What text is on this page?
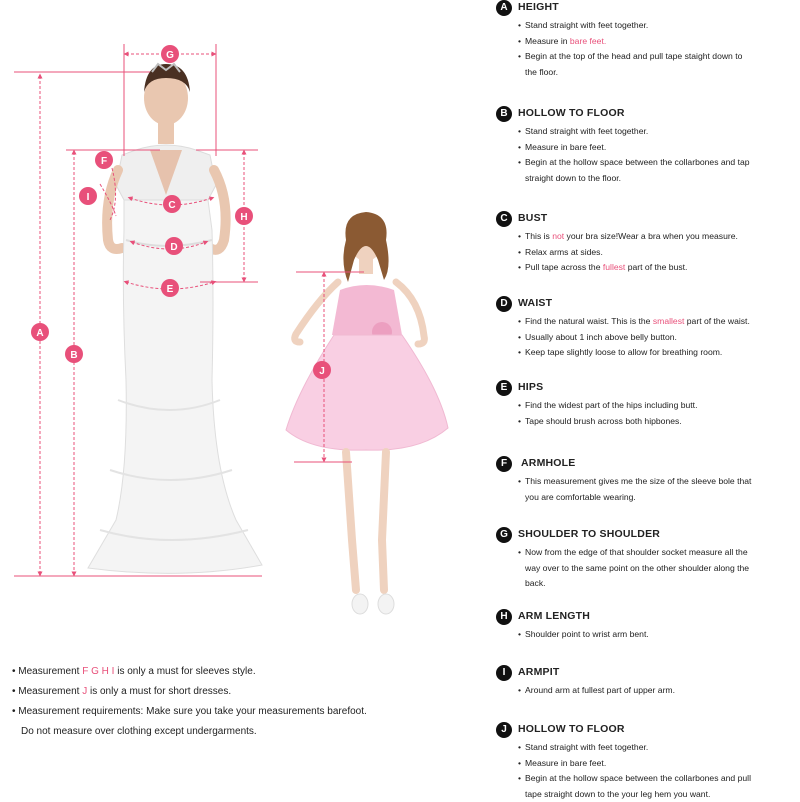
A
B
C
D
E
F
G
H
I
J
• Measurement F G H I is only a must for sleeves style.
• Measurement J is only a must for short dresses.
• Measurement requirements: Make sure you take your measurements barefoot.
Do not measure over clothing except undergarments.
A HEIGHT
• Stand straight with feet together.
• Measure in bare feet.
• Begin at the top of the head and pull tape staight down to
the floor.
B HOLLOW TO FLOOR
• Stand straight with feet together.
• Measure in bare feet.
• Begin at the hollow space between the collarbones and tap
straight down to the floor.
C BUST
• This is not your bra size!Wear a bra when you measure.
• Relax arms at sides.
• Pull tape across the fullest part of the bust.
D WAIST
• Find the natural waist. This is the smallest part of the waist.
• Usually about 1 inch above belly button.
• Keep tape slightly loose to allow for breathing room.
E	HIPS
• Find the widest part of the hips including butt.
• Tape should brush across both hipbones.
F	ARMHOLE
• This measurement gives me the size of the sleeve bole that
you are comfortable wearing.
G SHOULDER TO SHOULDER
• Now from the edge of that shoulder socket measure all the
way over to the same point on the other shoulder along the
back.
H ARM LENGTH
• Shoulder point to wrist arm bent.
I	ARMPIT
• Around arm at fullest part of upper arm.
J	HOLLOW TO FLOOR
• Stand straight with feet together.
• Measure in bare feet.
• Begin at the hollow space between the collarbones and pull
tape straight down to the your leg hem you want.
